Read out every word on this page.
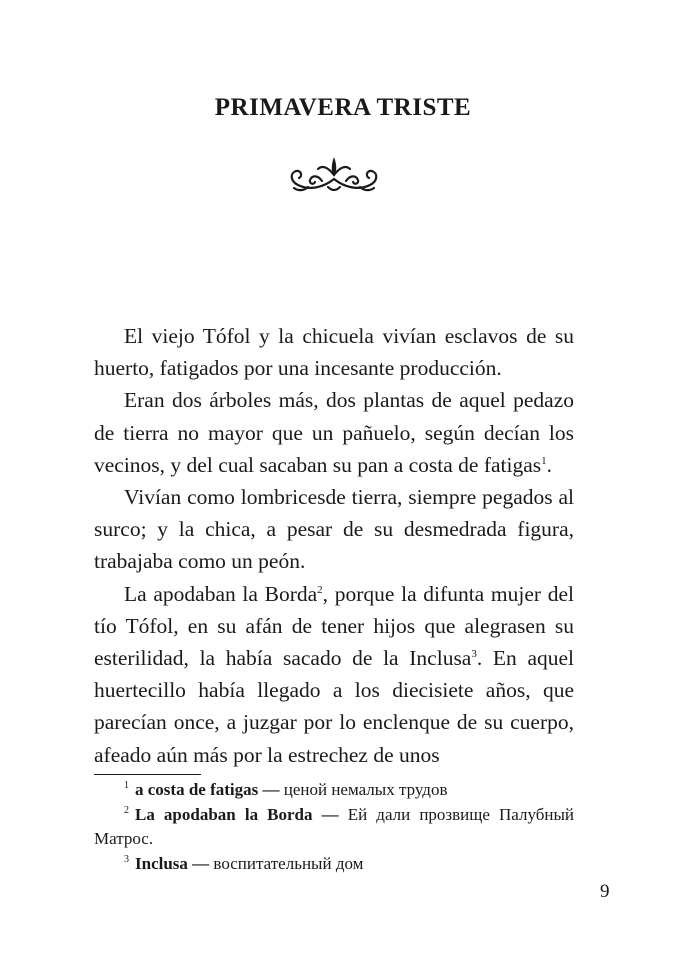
PRIMAVERA TRISTE

El viejo Tófol y la chicuela vivían esclavos de su huerto, fatigados por una incesante producción.

Eran dos árboles más, dos plantas de aquel pedazo de tierra no mayor que un pañuelo, según decían los vecinos, y del cual sacaban su pan a costa de fatigas$^1$.

Vivían como lombricesde tierra, siempre pegados al surco; y la chica, a pesar de su desmedrada figura, trabajaba como un peón.

La apodaban la Borda$^2$, porque la difunta mujer del tío Tófol, en su afán de tener hijos que alegrasen su esterilidad, la había sacado de la Inclusa$^3$. En aquel huertecillo había llegado a los diecisiete años, que parecían once, a juzgar por lo enclenque de su cuerpo, afeado aún más por la estrechez de unos

$^1$ a costa de fatigas — ценой немалых трудов

$^2$ La apodaban la Borda — Ей дали прозвище Палубный Матрос.

$^3$ Inclusa — воспитательный дом

9
